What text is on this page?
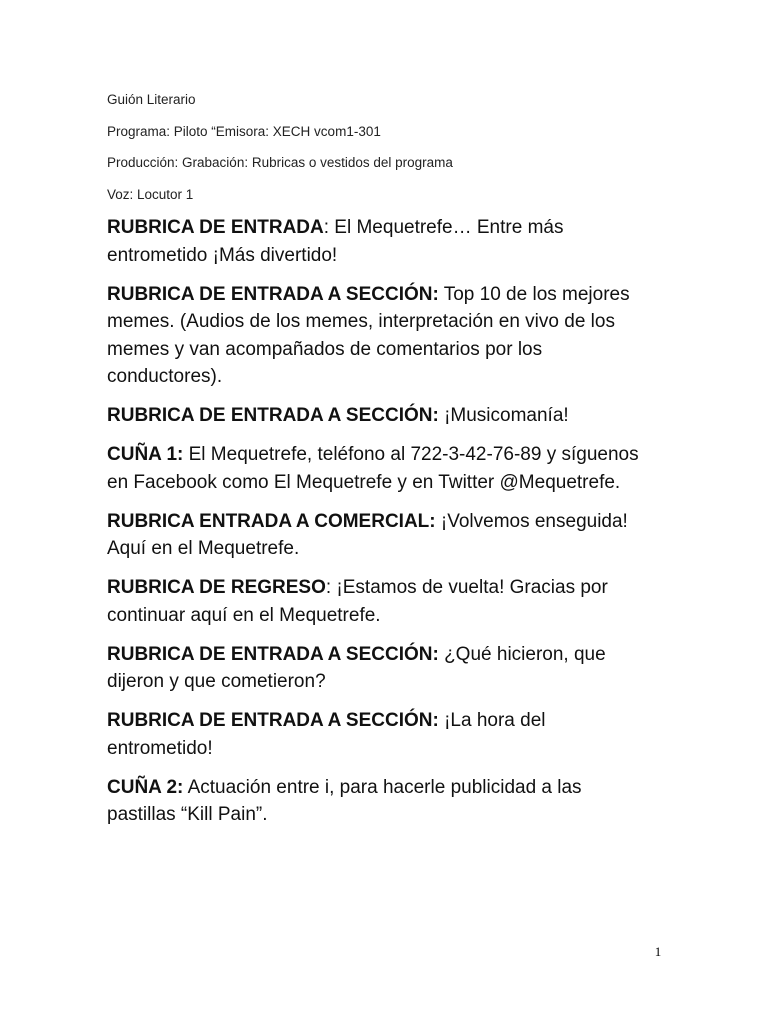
Guión Literario
Programa: Piloto “Emisora: XECH vcom1-301
Producción: Grabación: Rubricas o vestidos del programa
Voz: Locutor 1

RUBRICA DE ENTRADA: El Mequetrefe… Entre más entrometido ¡Más divertido!

RUBRICA DE ENTRADA A SECCIÓN: Top 10 de los mejores memes. (Audios de los memes, interpretación en vivo de los memes y van acompañados de comentarios por los conductores).

RUBRICA DE ENTRADA A SECCIÓN: ¡Musicomanía!

CUÑA 1: El Mequetrefe, teléfono al 722-3-42-76-89 y síguenos en Facebook como El Mequetrefe y en Twitter @Mequetrefe.

RUBRICA ENTRADA A COMERCIAL: ¡Volvemos enseguida! Aquí en el Mequetrefe.

RUBRICA DE REGRESO: ¡Estamos de vuelta! Gracias por continuar aquí en el Mequetrefe.

RUBRICA DE ENTRADA A SECCIÓN: ¿Qué hicieron, que dijeron y que cometieron?

RUBRICA DE ENTRADA A SECCIÓN: ¡La hora del entrometido!

CUÑA 2: Actuación entre i, para hacerle publicidad a las pastillas “Kill Pain”.

1
